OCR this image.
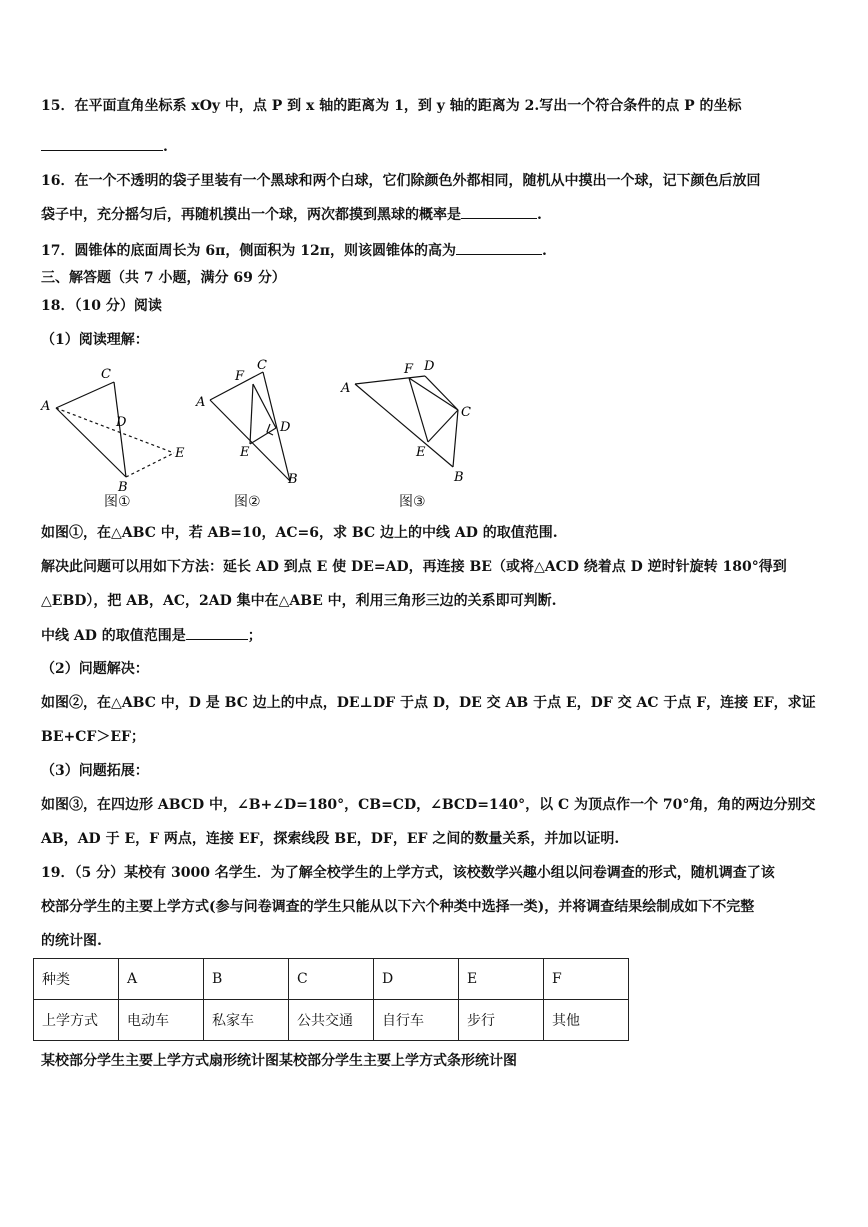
15．在平面直角坐标系 xOy 中，点 P 到 x 轴的距离为 1，到 y 轴的距离为 2.写出一个符合条件的点 P 的坐标
.
16．在一个不透明的袋子里装有一个黑球和两个白球，它们除颜色外都相同，随机从中摸出一个球，记下颜色后放回
袋子中，充分摇匀后，再随机摸出一个球，两次都摸到黑球的概率是	.
17．圆锥体的底面周长为 6π，侧面积为 12π，则该圆锥体的高为	.
三、解答题（共 7 小题，满分 69 分）
18．（10 分）阅读
（1）阅读理解：
A
C
D
E
B
图①
A
F
C
D
E
B
图②
A
F D
C
E
B
图③
如图①，在△ABC 中，若 AB=10，AC=6，求 BC 边上的中线 AD 的取值范围.
解决此问题可以用如下方法：延长 AD 到点 E 使 DE=AD，再连接 BE（或将△ACD 绕着点 D 逆时针旋转 180°得到
△EBD），把 AB，AC，2AD 集中在△ABE 中，利用三角形三边的关系即可判断.
中线 AD 的取值范围是	；
（2）问题解决：
如图②，在△ABC 中，D 是 BC 边上的中点，DE⊥DF 于点 D，DE 交 AB 于点 E，DF 交 AC 于点 F，连接 EF，求证
BE+CF＞EF；
（3）问题拓展：
如图③，在四边形 ABCD 中，∠B+∠D=180°，CB=CD，∠BCD=140°，以 C 为顶点作一个 70°角，角的两边分别交
AB，AD 于 E，F 两点，连接 EF，探索线段 BE，DF，EF 之间的数量关系，并加以证明.
19．（5 分）某校有 3000 名学生．为了解全校学生的上学方式，该校数学兴趣小组以问卷调查的形式，随机调查了该
校部分学生的主要上学方式(参与问卷调查的学生只能从以下六个种类中选择一类)，并将调查结果绘制成如下不完整
的统计图.
种类	A	B	C	D	E	F
上学方式	电动车	私家车	公共交通	自行车	步行	其他
某校部分学生主要上学方式扇形统计图某校部分学生主要上学方式条形统计图
